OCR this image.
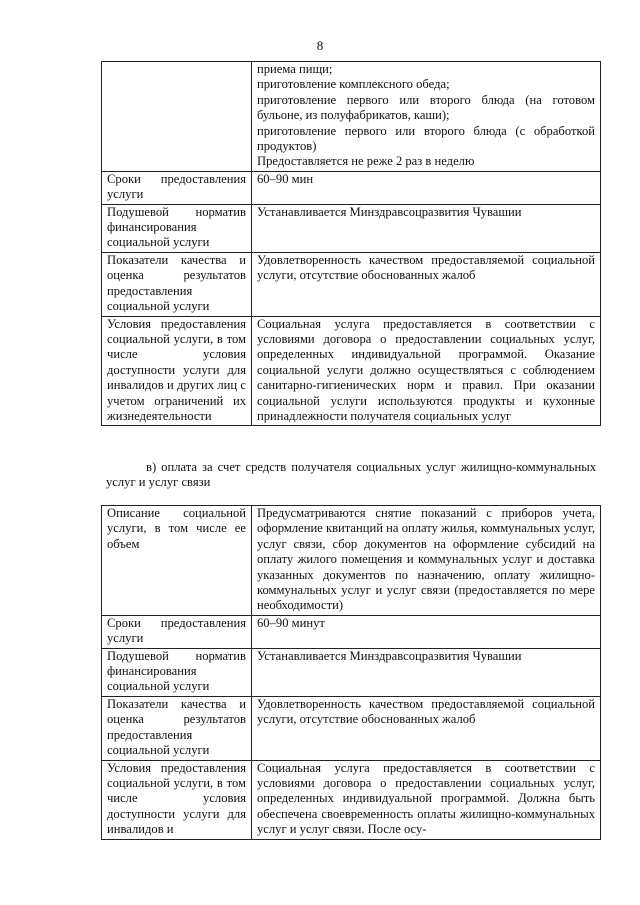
8

	приема пищи;
приготовление комплексного обеда;
приготовление первого или второго блюда (на готовом бульоне, из полуфабрикатов, каши);
приготовление первого или второго блюда (с обработкой продуктов)
Предоставляется не реже 2 раз в неделю

Сроки предоставления услуги	60–90 мин
Подушевой норматив финансирования социальной услуги	Устанавливается Минздравсоцразвития Чувашии
Показатели качества и оценка результатов предоставления социальной услуги	Удовлетворенность качеством предоставляемой социальной услуги, отсутствие обоснованных жалоб
Условия предоставления социальной услуги, в том числе условия доступности услуги для инвалидов и других лиц с учетом ограничений их жизнедеятельности	Социальная услуга предоставляется в соответствии с условиями договора о предоставлении социальных услуг, определенных индивидуальной программой. Оказание социальной услуги должно осуществляться с соблюдением санитарно-гигиенических норм и правил. При оказании социальной услуги используются продукты и кухонные принадлежности получателя социальных услуг
в) оплата за счет средств получателя социальных услуг жилищно-коммунальных услуг и услуг связи
Описание социальной услуги, в том числе ее объем	Предусматриваются снятие показаний с приборов учета, оформление квитанций на оплату жилья, коммунальных услуг, услуг связи, сбор документов на оформление субсидий на оплату жилого помещения и коммунальных услуг и доставка указанных документов по назначению, оплату жилищно-коммунальных услуг и услуг связи (предоставляется по мере необходимости)
Сроки предоставления услуги	60–90 минут
Подушевой норматив финансирования социальной услуги	Устанавливается Минздравсоцразвития Чувашии
Показатели качества и оценка результатов предоставления социальной услуги	Удовлетворенность качеством предоставляемой социальной услуги, отсутствие обоснованных жалоб
Условия предоставления социальной услуги, в том числе условия доступности услуги для инвалидов и	Социальная услуга предоставляется в соответствии с условиями договора о предоставлении социальных услуг, определенных индивидуальной программой. Должна быть обеспечена своевременность оплаты жилищно-коммунальных услуг и услуг связи. После осу-
